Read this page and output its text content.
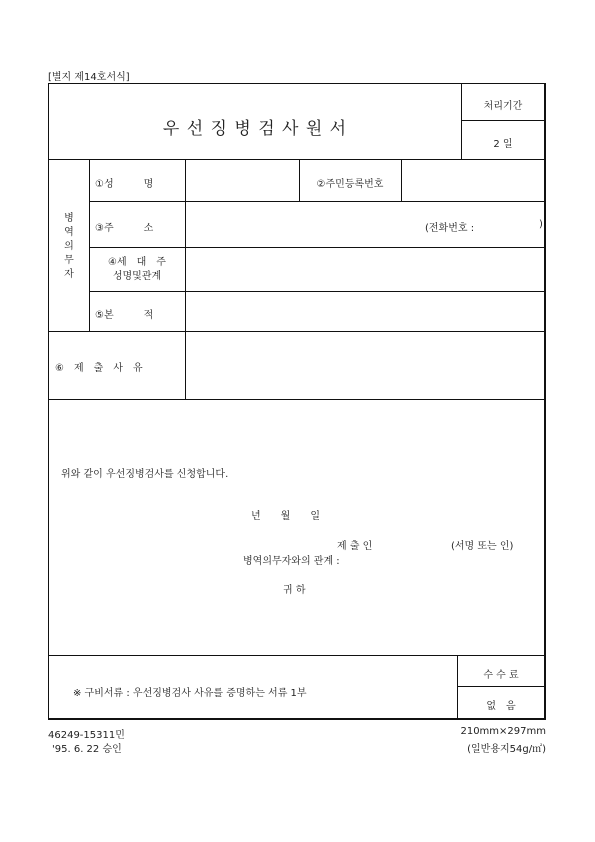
[별지 제14호서식]
우 선 징 병 검 사 원 서
처리기간
2 일
병
역
의
무
자
①성　　　명	②주민등록번호
③주　　　소	(전화번호 :	)
④세　대　주
성명및관계
⑤본　　　적
⑥　제　출　사　유
위와 같이 우선징병검사를 신청합니다.
년　　월　　일
제 출 인	(서명 또는 인)
병역의무자와의 관계 :
귀 하
※ 구비서류 : 우선징병검사 사유를 증명하는 서류 1부
수 수 료
없　음
46249-15311민
'95. 6. 22 승인
210mm×297mm
(일반용지54g/㎡)
